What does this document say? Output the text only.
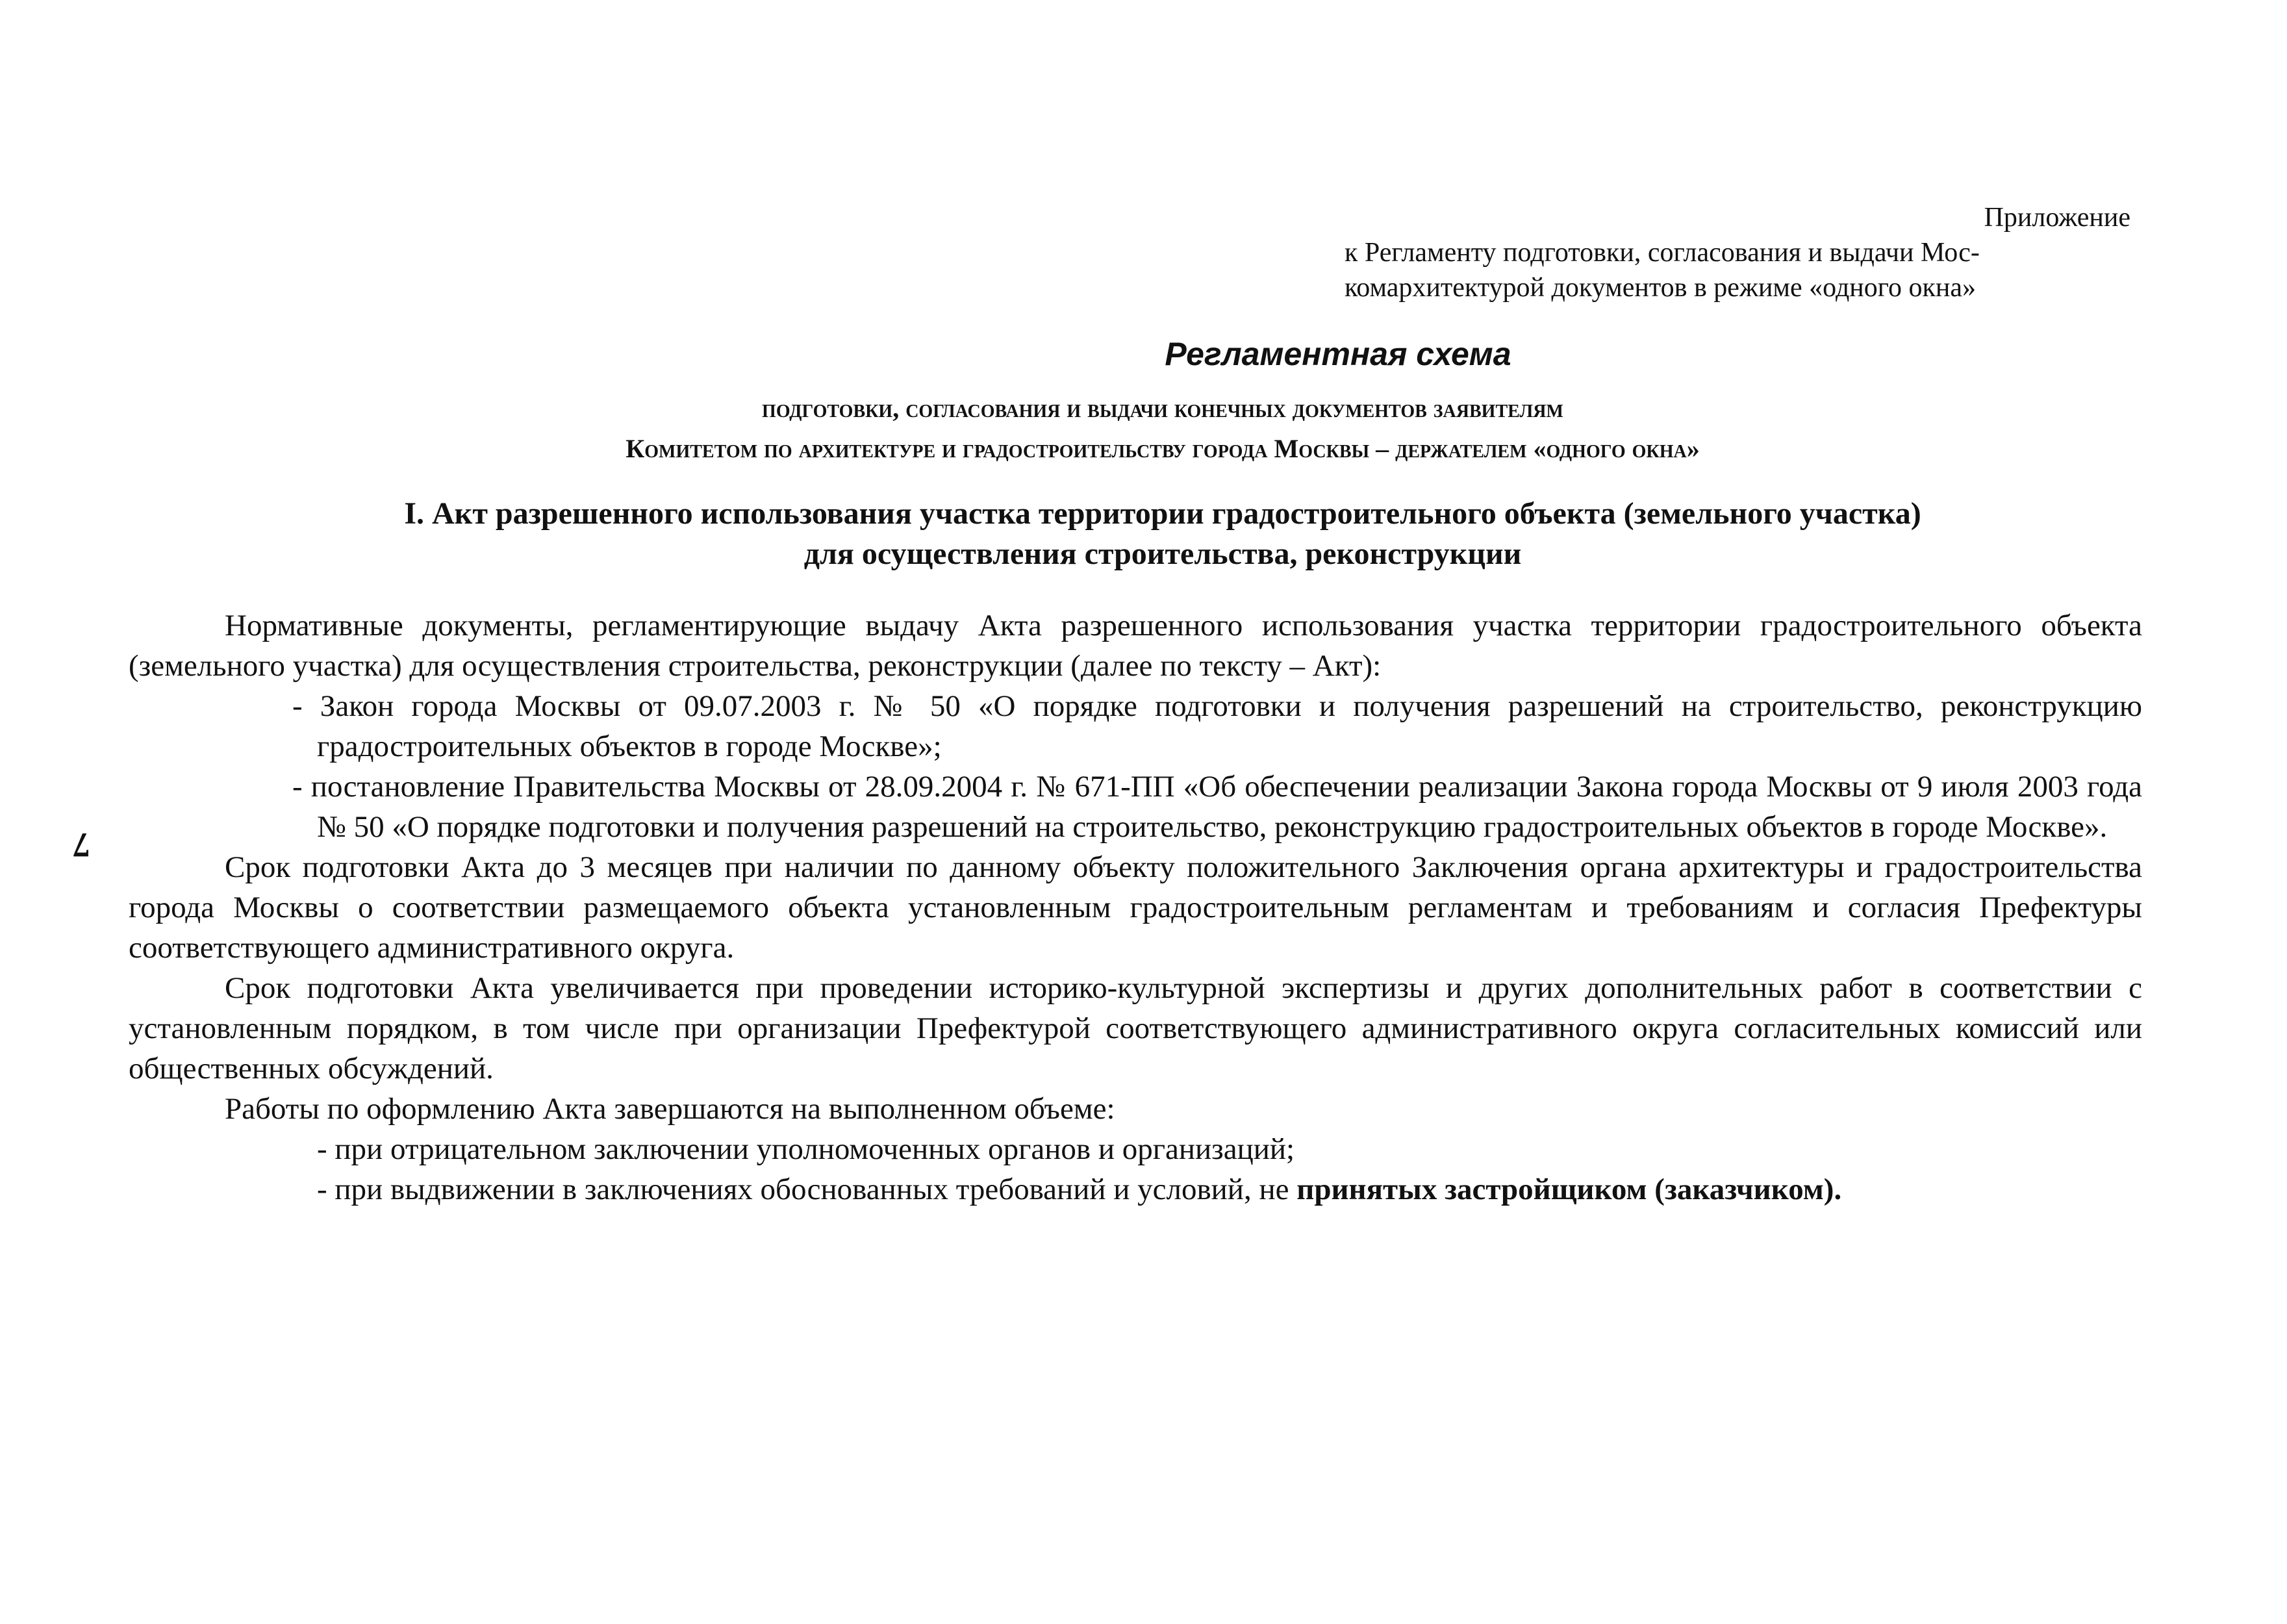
Приложение
к Регламенту подготовки, согласования и выдачи Мос-комархитектурой документов в режиме «одного окна»
Регламентная схема
подготовки, согласования и выдачи конечных документов заявителям
Комитетом по архитектуре и градостроительству города Москвы – держателем «одного окна»
I. Акт разрешенного использования участка территории градостроительного объекта (земельного участка)
для осуществления строительства, реконструкции
7

Нормативные документы, регламентирующие выдачу Акта разрешенного использования участка территории градостроительного объекта (земельного участка) для осуществления строительства, реконструкции (далее по тексту – Акт):

- Закон города Москвы от 09.07.2003 г. № 50 «О порядке подготовки и получения разрешений на строительство, реконструкцию градостроительных объектов в городе Москве»;

- постановление Правительства Москвы от 28.09.2004 г. № 671-ПП «Об обеспечении реализации Закона города Москвы от 9 июля 2003 года № 50 «О порядке подготовки и получения разрешений на строительство, реконструкцию градостроительных объектов в городе Москве».

Срок подготовки Акта до 3 месяцев при наличии по данному объекту положительного Заключения органа архитектуры и градостроительства города Москвы о соответствии размещаемого объекта установленным градостроительным регламентам и требованиям и согласия Префектуры соответствующего административного округа.

Срок подготовки Акта увеличивается при проведении историко-культурной экспертизы и других дополнительных работ в соответствии с установленным порядком, в том числе при организации Префектурой соответствующего административного округа согласительных комиссий или общественных обсуждений.

Работы по оформлению Акта завершаются на выполненном объеме:

- при отрицательном заключении уполномоченных органов и организаций;

- при выдвижении в заключениях обоснованных требований и условий, не принятых застройщиком (заказчиком).
